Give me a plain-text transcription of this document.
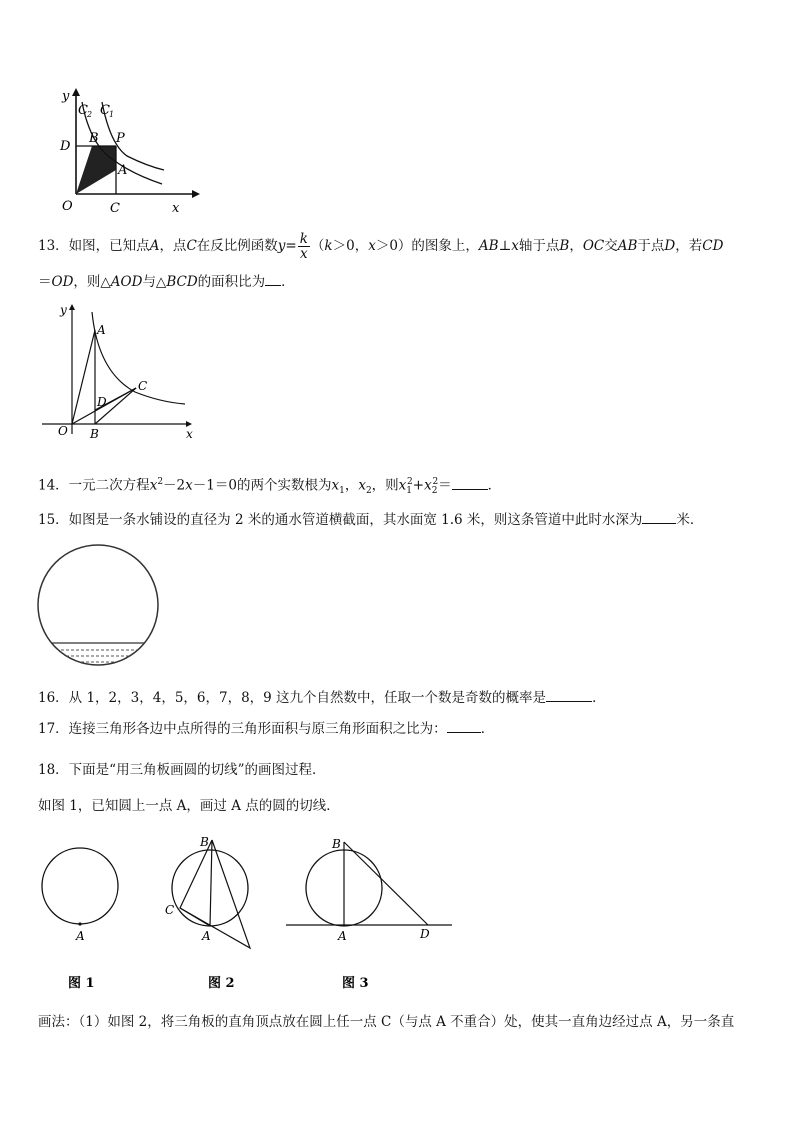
y
x
C 2 C 1
D
B P
A
O	C
13．如图，已知点A，点C在反比例函数$y= \frac{k}{x} (k>0$，x＞0）的图象上，AB⊥x轴于点B，OC交AB于点D，若CD
＝OD，则△AOD与△BCD的面积比为 ．
y
A
C
D
O B	x
14．一元二次方程$x^2-2x-1=0$的两个实数根为$x_1$，$x_2$，则$x_1^2+x_2^2=$	．
15．如图是一条水铺设的直径为 2 米的通水管道横截面，其水面宽 1.6 米，则这条管道中此时水深为	米．
16．从 1，2，3，4，5，6，7，8，9 这九个自然数中，任取一个数是奇数的概率是	．
17．连接三角形各边中点所得的三角形面积与原三角形面积之比为：	．
18．下面是“用三角板画圆的切线”的画图过程．
如图 1，已知圆上一点 A，画过 A 点的圆的切线．
A
图 1
B
C
A
图 2
B
A	D
图 3
画法：（1）如图 2，将三角板的直角顶点放在圆上任一点 C（与点 A 不重合）处，使其一直角边经过点 A，另一条直
